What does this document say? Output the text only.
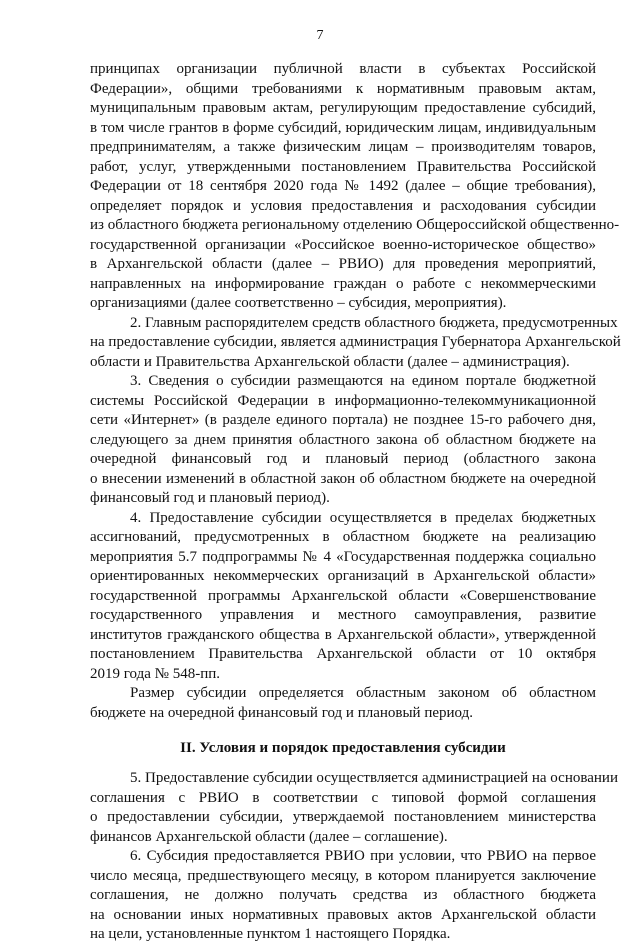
7
принципах организации публичной власти в субъектах Российской
Федерации», общими требованиями к нормативным правовым актам,
муниципальным правовым актам, регулирующим предоставление субсидий,
в том числе грантов в форме субсидий, юридическим лицам, индивидуальным
предпринимателям, а также физическим лицам – производителям товаров,
работ, услуг, утвержденными постановлением Правительства Российской
Федерации от 18 сентября 2020 года № 1492 (далее – общие требования),
определяет порядок и условия предоставления и расходования субсидии
из областного бюджета региональному отделению Общероссийской общественно-
государственной организации «Российское военно-историческое общество»
в Архангельской области (далее – РВИО) для проведения мероприятий,
направленных на информирование граждан о работе с некоммерческими
организациями (далее соответственно – субсидия, мероприятия).
2. Главным распорядителем средств областного бюджета, предусмотренных
на предоставление субсидии, является администрация Губернатора Архангельской
области и Правительства Архангельской области (далее – администрация).
3. Сведения о субсидии размещаются на едином портале бюджетной
системы Российской Федерации в информационно-телекоммуникационной
сети «Интернет» (в разделе единого портала) не позднее 15-го рабочего дня,
следующего за днем принятия областного закона об областном бюджете на
очередной финансовый год и плановый период (областного закона
о внесении изменений в областной закон об областном бюджете на очередной
финансовый год и плановый период).
4. Предоставление субсидии осуществляется в пределах бюджетных
ассигнований, предусмотренных в областном бюджете на реализацию
мероприятия 5.7 подпрограммы № 4 «Государственная поддержка социально
ориентированных некоммерческих организаций в Архангельской области»
государственной программы Архангельской области «Совершенствование
государственного управления и местного самоуправления, развитие
институтов гражданского общества в Архангельской области», утвержденной
постановлением Правительства Архангельской области от 10 октября
2019 года № 548-пп.
Размер субсидии определяется областным законом об областном
бюджете на очередной финансовый год и плановый период.
II. Условия и порядок предоставления субсидии
5. Предоставление субсидии осуществляется администрацией на основании
соглашения с РВИО в соответствии с типовой формой соглашения
о предоставлении субсидии, утверждаемой постановлением министерства
финансов Архангельской области (далее – соглашение).
6. Субсидия предоставляется РВИО при условии, что РВИО на первое
число месяца, предшествующего месяцу, в котором планируется заключение
соглашения, не должно получать средства из областного бюджета
на основании иных нормативных правовых актов Архангельской области
на цели, установленные пунктом 1 настоящего Порядка.
